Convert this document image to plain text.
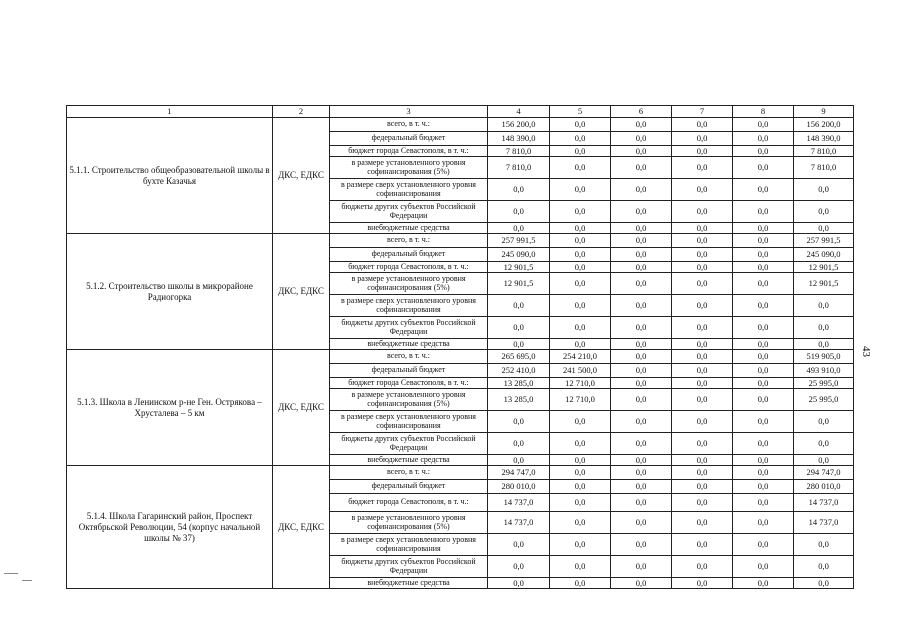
1	2	3	4	5	6	7	8	9
5.1.1. Строительство общеобразовательной школы в бухте Казачья	ДКС, ЕДКС	всего, в т. ч.:	156 200,0	0,0	0,0	0,0	0,0	156 200,0
		федеральный бюджет	148 390,0	0,0	0,0	0,0	0,0	148 390,0
		бюджет города Севастополя, в т. ч.:	7 810,0	0,0	0,0	0,0	0,0	7 810,0
		в размере установленного уровня софинансирования (5%)	7 810,0	0,0	0,0	0,0	0,0	7 810,0
		в размере сверх установленного уровня софинансирования	0,0	0,0	0,0	0,0	0,0	0,0
		бюджеты других субъектов Российской Федерации	0,0	0,0	0,0	0,0	0,0	0,0
		внебюджетные средства	0,0	0,0	0,0	0,0	0,0	0,0
5.1.2. Строительство школы в микрорайоне Радиогорка	ДКС, ЕДКС	всего, в т. ч.:	257 991,5	0,0	0,0	0,0	0,0	257 991,5
		федеральный бюджет	245 090,0	0,0	0,0	0,0	0,0	245 090,0
		бюджет города Севастополя, в т. ч.:	12 901,5	0,0	0,0	0,0	0,0	12 901,5
		в размере установленного уровня софинансирования (5%)	12 901,5	0,0	0,0	0,0	0,0	12 901,5
		в размере сверх установленного уровня софинансирования	0,0	0,0	0,0	0,0	0,0	0,0
		бюджеты других субъектов Российской Федерации	0,0	0,0	0,0	0,0	0,0	0,0
		внебюджетные средства	0,0	0,0	0,0	0,0	0,0	0,0
5.1.3. Школа в Ленинском р-не Ген. Острякова – Хрусталева – 5 км	ДКС, ЕДКС	всего, в т. ч.:	265 695,0	254 210,0	0,0	0,0	0,0	519 905,0
		федеральный бюджет	252 410,0	241 500,0	0,0	0,0	0,0	493 910,0
		бюджет города Севастополя, в т. ч.:	13 285,0	12 710,0	0,0	0,0	0,0	25 995,0
		в размере установленного уровня софинансирования (5%)	13 285,0	12 710,0	0,0	0,0	0,0	25 995,0
		в размере сверх установленного уровня софинансирования	0,0	0,0	0,0	0,0	0,0	0,0
		бюджеты других субъектов Российской Федерации	0,0	0,0	0,0	0,0	0,0	0,0
		внебюджетные средства	0,0	0,0	0,0	0,0	0,0	0,0
5.1.4. Школа Гагаринский район, Проспект Октябрьской Революции, 54 (корпус начальной школы № 37)	ДКС, ЕДКС	всего, в т. ч.:	294 747,0	0,0	0,0	0,0	0,0	294 747,0
		федеральный бюджет	280 010,0	0,0	0,0	0,0	0,0	280 010,0
		бюджет города Севастополя, в т. ч.:	14 737,0	0,0	0,0	0,0	0,0	14 737,0
		в размере установленного уровня софинансирования (5%)	14 737,0	0,0	0,0	0,0	0,0	14 737,0
		в размере сверх установленного уровня софинансирования	0,0	0,0	0,0	0,0	0,0	0,0
		бюджеты других субъектов Российской Федерации	0,0	0,0	0,0	0,0	0,0	0,0
		внебюджетные средства	0,0	0,0	0,0	0,0	0,0	0,0
43
